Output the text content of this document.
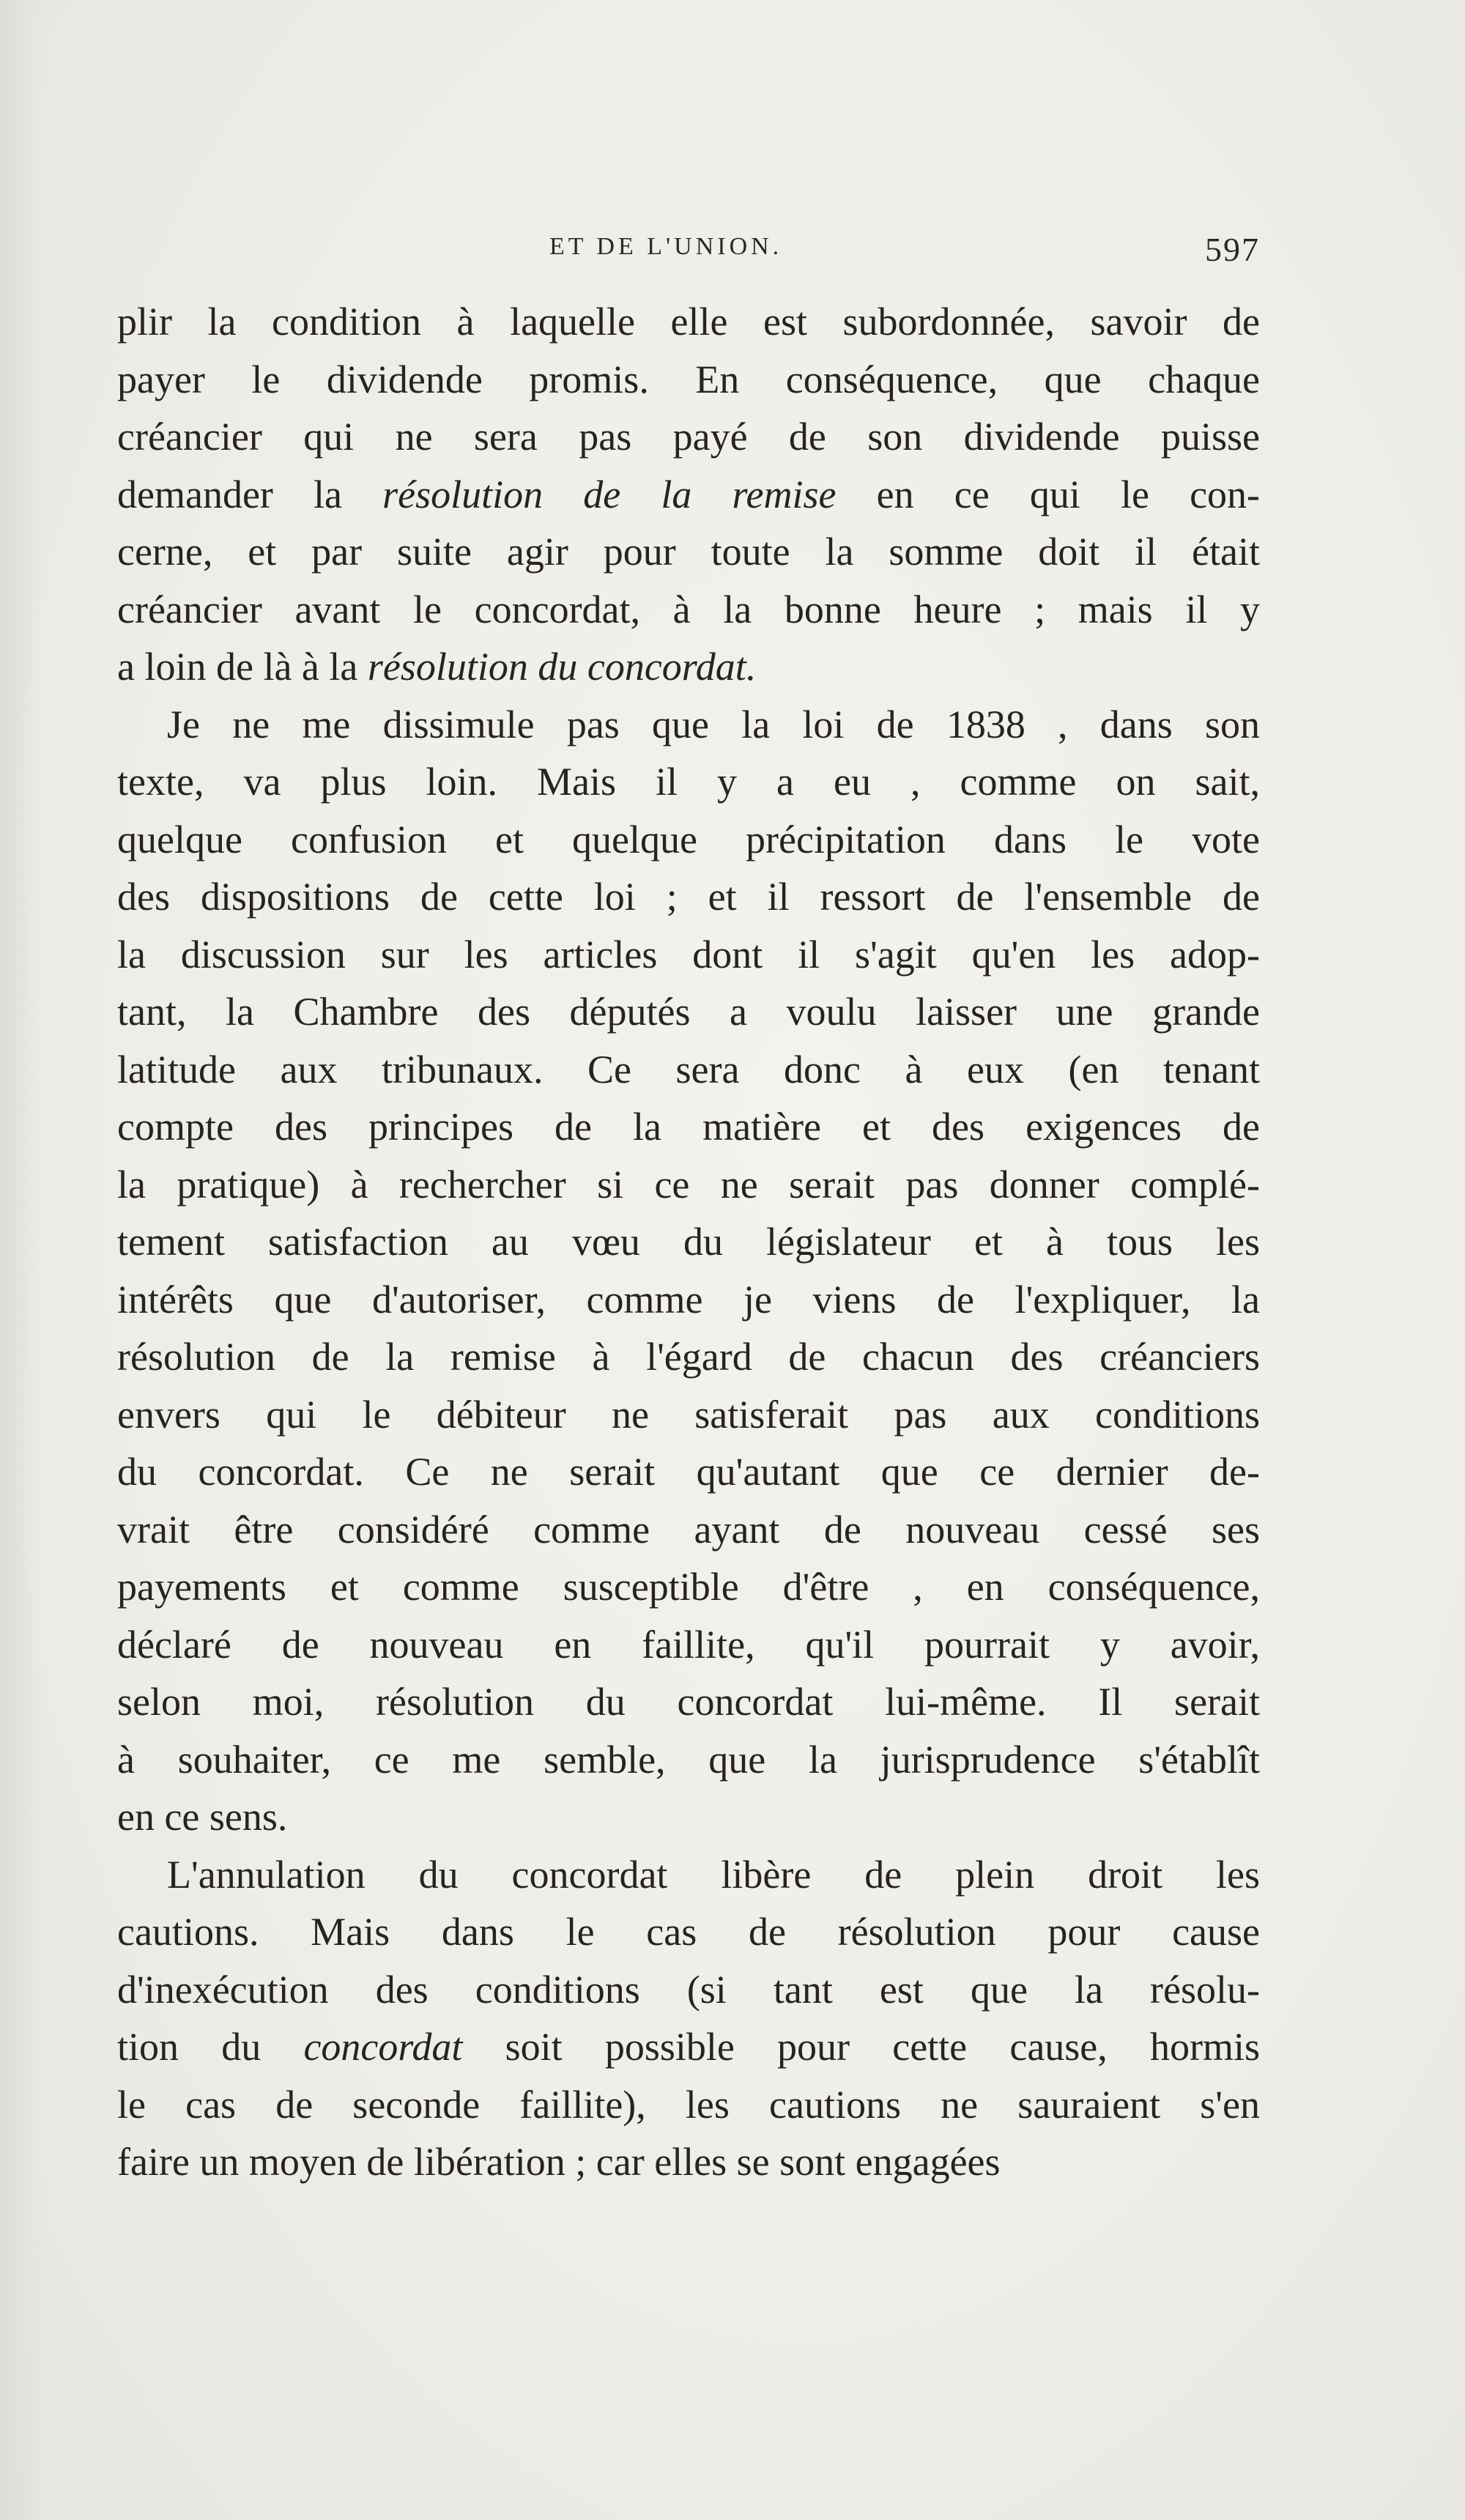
ET DE L'UNION.	597
plir la condition à laquelle elle est subordonnée, savoir de
payer le dividende promis. En conséquence, que chaque
créancier qui ne sera pas payé de son dividende puisse
demander la résolution de la remise en ce qui le con-
cerne, et par suite agir pour toute la somme doit il était
créancier avant le concordat, à la bonne heure ; mais il y
a loin de là à la résolution du concordat.
Je ne me dissimule pas que la loi de 1838 , dans son
texte, va plus loin. Mais il y a eu , comme on sait,
quelque confusion et quelque précipitation dans le vote
des dispositions de cette loi ; et il ressort de l'ensemble de
la discussion sur les articles dont il s'agit qu'en les adop-
tant, la Chambre des députés a voulu laisser une grande
latitude aux tribunaux. Ce sera donc à eux (en tenant
compte des principes de la matière et des exigences de
la pratique) à rechercher si ce ne serait pas donner complé-
tement satisfaction au vœu du législateur et à tous les
intérêts que d'autoriser, comme je viens de l'expliquer, la
résolution de la remise à l'égard de chacun des créanciers
envers qui le débiteur ne satisferait pas aux conditions
du concordat. Ce ne serait qu'autant que ce dernier de-
vrait être considéré comme ayant de nouveau cessé ses
payements et comme susceptible d'être , en conséquence,
déclaré de nouveau en faillite, qu'il pourrait y avoir,
selon moi, résolution du concordat lui-même. Il serait
à souhaiter, ce me semble, que la jurisprudence s'établît
en ce sens.
L'annulation du concordat libère de plein droit les
cautions. Mais dans le cas de résolution pour cause
d'inexécution des conditions (si tant est que la résolu-
tion du concordat soit possible pour cette cause, hormis
le cas de seconde faillite), les cautions ne sauraient s'en
faire un moyen de libération ; car elles se sont engagées
